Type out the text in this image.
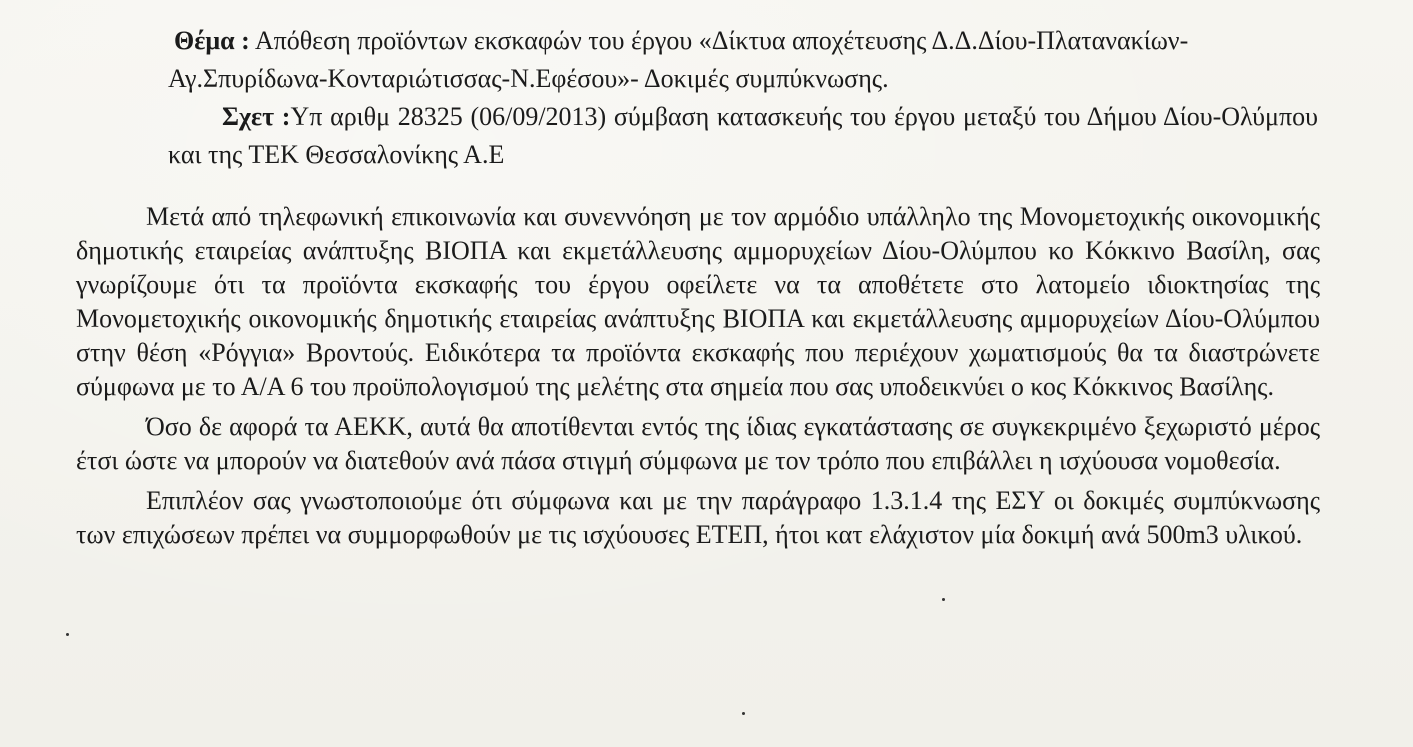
Θέμα : Απόθεση προϊόντων εκσκαφών του έργου «Δίκτυα αποχέτευσης Δ.Δ.Δίου-Πλατανακίων-Αγ.Σπυρίδωνα-Κονταριώτισσας-Ν.Εφέσου»- Δοκιμές συμπύκνωσης.

Σχετ :Υπ αριθμ 28325 (06/09/2013) σύμβαση κατασκευής του έργου μεταξύ του Δήμου Δίου-Ολύμπου και της ΤΕΚ Θεσσαλονίκης Α.Ε

Μετά από τηλεφωνική επικοινωνία και συνεννόηση με τον αρμόδιο υπάλληλο της Μονομετοχικής οικονομικής δημοτικής εταιρείας ανάπτυξης ΒΙΟΠΑ και εκμετάλλευσης αμμορυχείων Δίου-Ολύμπου κο Κόκκινο Βασίλη, σας γνωρίζουμε ότι τα προϊόντα εκσκαφής του έργου οφείλετε να τα αποθέτετε στο λατομείο ιδιοκτησίας της Μονομετοχικής οικονομικής δημοτικής εταιρείας ανάπτυξης ΒΙΟΠΑ και εκμετάλλευσης αμμορυχείων Δίου-Ολύμπου στην θέση «Ρόγγια» Βροντούς. Ειδικότερα τα προϊόντα εκσκαφής που περιέχουν χωματισμούς θα τα διαστρώνετε σύμφωνα με το Α/Α 6 του προϋπολογισμού της μελέτης στα σημεία που σας υποδεικνύει ο κος Κόκκινος Βασίλης.

Όσο δε αφορά τα ΑΕΚΚ, αυτά θα αποτίθενται εντός της ίδιας εγκατάστασης σε συγκεκριμένο ξεχωριστό μέρος έτσι ώστε να μπορούν να διατεθούν ανά πάσα στιγμή σύμφωνα με τον τρόπο που επιβάλλει η ισχύουσα νομοθεσία.

Επιπλέον σας γνωστοποιούμε ότι σύμφωνα και με την παράγραφο 1.3.1.4 της ΕΣΥ οι δοκιμές συμπύκνωσης των επιχώσεων πρέπει να συμμορφωθούν με τις ισχύουσες ΕΤΕΠ, ήτοι κατ ελάχιστον μία δοκιμή ανά 500m3 υλικού.
